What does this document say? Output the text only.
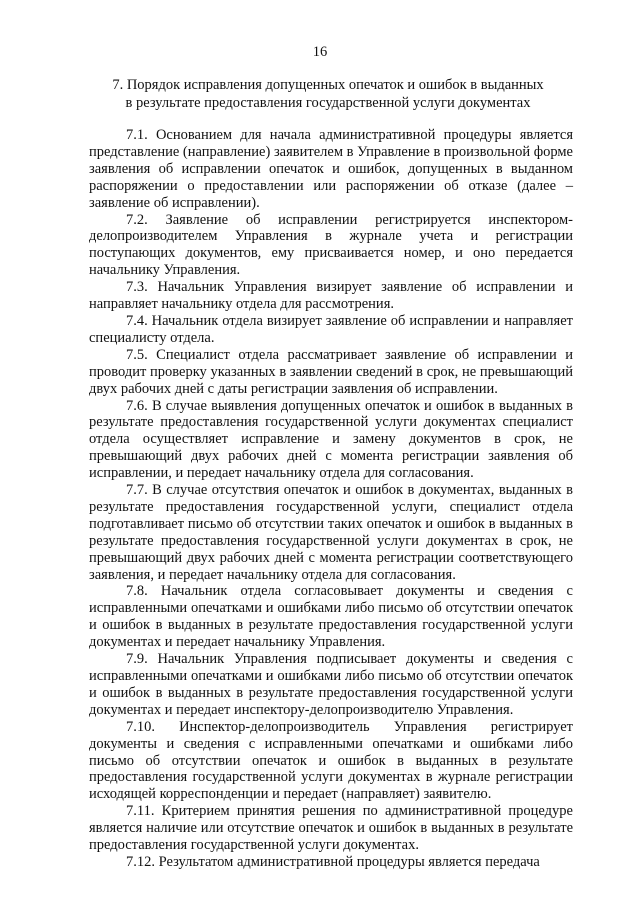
16
7. Порядок исправления допущенных опечаток и ошибок в выданных
в результате предоставления государственной услуги документах

7.1. Основанием для начала административной процедуры является представление (направление) заявителем в Управление в произвольной форме заявления об исправлении опечаток и ошибок, допущенных в выданном распоряжении о предоставлении или распоряжении об отказе (далее – заявление об исправлении).

7.2. Заявление об исправлении регистрируется инспектором-делопроизводителем Управления в журнале учета и регистрации поступающих документов, ему присваивается номер, и оно передается начальнику Управления.

7.3. Начальник Управления визирует заявление об исправлении и направляет начальнику отдела для рассмотрения.

7.4. Начальник отдела визирует заявление об исправлении и направляет специалисту отдела.

7.5. Специалист отдела рассматривает заявление об исправлении и проводит проверку указанных в заявлении сведений в срок, не превышающий двух рабочих дней с даты регистрации заявления об исправлении.

7.6. В случае выявления допущенных опечаток и ошибок в выданных в результате предоставления государственной услуги документах специалист отдела осуществляет исправление и замену документов в срок, не превышающий двух рабочих дней с момента регистрации заявления об исправлении, и передает начальнику отдела для согласования.

7.7. В случае отсутствия опечаток и ошибок в документах, выданных в результате предоставления государственной услуги, специалист отдела подготавливает письмо об отсутствии таких опечаток и ошибок в выданных в результате предоставления государственной услуги документах в срок, не превышающий двух рабочих дней с момента регистрации соответствующего заявления, и передает начальнику отдела для согласования.

7.8. Начальник отдела согласовывает документы и сведения с исправленными опечатками и ошибками либо письмо об отсутствии опечаток и ошибок в выданных в результате предоставления государственной услуги документах и передает начальнику Управления.

7.9. Начальник Управления подписывает документы и сведения с исправленными опечатками и ошибками либо письмо об отсутствии опечаток и ошибок в выданных в результате предоставления государственной услуги документах и передает инспектору-делопроизводителю Управления.

7.10. Инспектор-делопроизводитель Управления регистрирует документы и сведения с исправленными опечатками и ошибками либо письмо об отсутствии опечаток и ошибок в выданных в результате предоставления государственной услуги документах в журнале регистрации исходящей корреспонденции и передает (направляет) заявителю.

7.11. Критерием принятия решения по административной процедуре является наличие или отсутствие опечаток и ошибок в выданных в результате предоставления государственной услуги документах.

7.12. Результатом административной процедуры является передача
